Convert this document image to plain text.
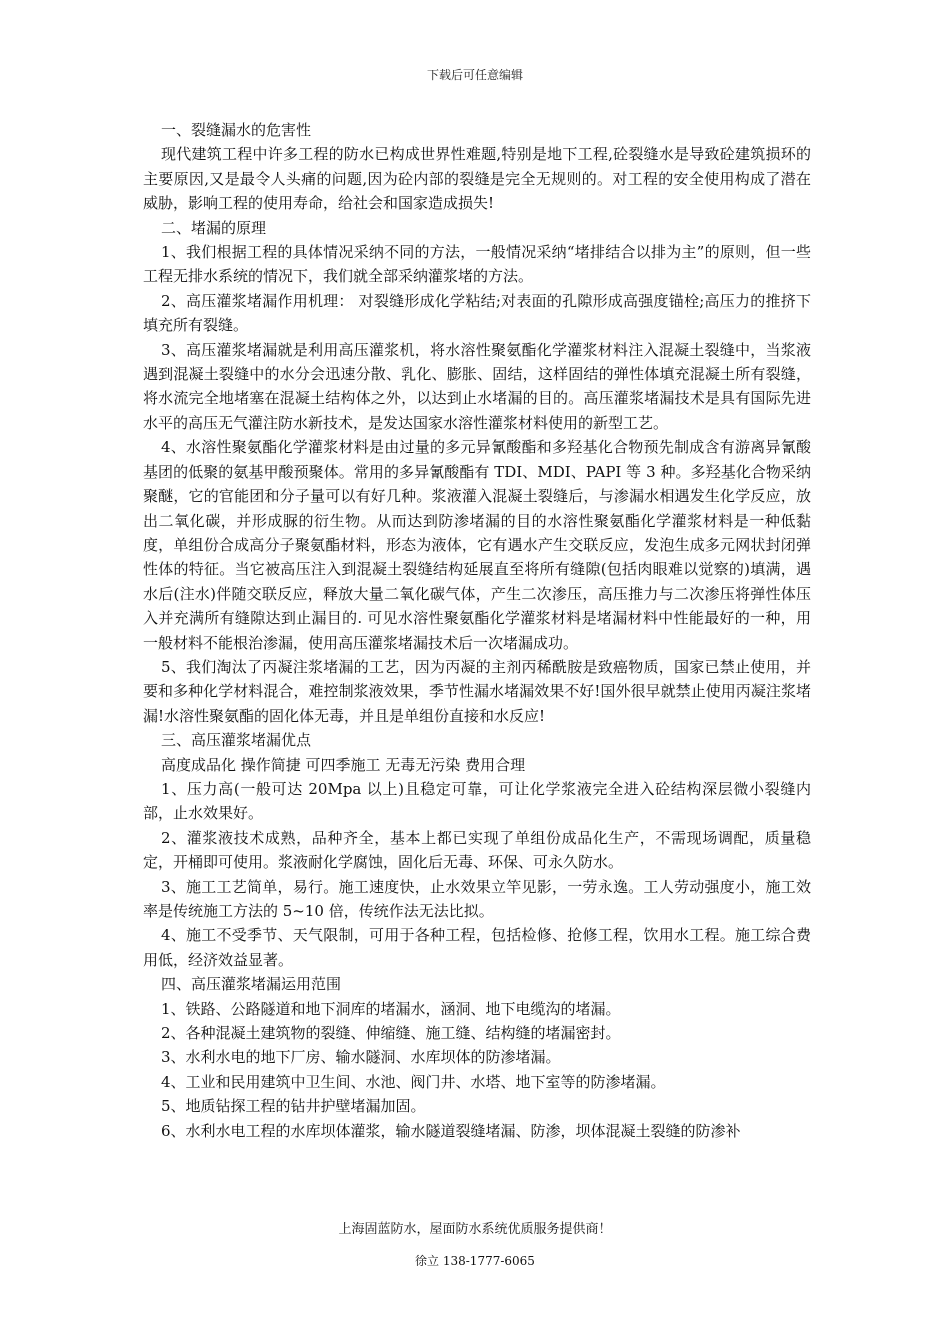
下载后可任意编辑

一、裂缝漏水的危害性

现代建筑工程中许多工程的防水已构成世界性难题,特别是地下工程,砼裂缝水是导致砼建筑损环的主要原因,又是最令人头痛的问题,因为砼内部的裂缝是完全无规则的。对工程的安全使用构成了潜在威胁，影响工程的使用寿命，给社会和国家造成损失!

二、堵漏的原理

1、我们根据工程的具体情况采纳不同的方法，一般情况采纳“堵排结合以排为主”的原则，但一些工程无排水系统的情况下，我们就全部采纳灌浆堵的方法。

2、高压灌浆堵漏作用机理： 对裂缝形成化学粘结;对表面的孔隙形成高强度锚栓;高压力的推挤下填充所有裂缝。

3、高压灌浆堵漏就是利用高压灌浆机，将水溶性聚氨酯化学灌浆材料注入混凝土裂缝中，当浆液遇到混凝土裂缝中的水分会迅速分散、乳化、膨胀、固结，这样固结的弹性体填充混凝土所有裂缝，将水流完全地堵塞在混凝土结构体之外，以达到止水堵漏的目的。高压灌浆堵漏技术是具有国际先进水平的高压无气灌注防水新技术，是发达国家水溶性灌浆材料使用的新型工艺。

4、水溶性聚氨酯化学灌浆材料是由过量的多元异氰酸酯和多羟基化合物预先制成含有游离异氰酸基团的低聚的氨基甲酸预聚体。常用的多异氰酸酯有 TDI、MDI、PAPI 等 3 种。多羟基化合物采纳聚醚，它的官能团和分子量可以有好几种。浆液灌入混凝土裂缝后，与渗漏水相遇发生化学反应，放出二氧化碳，并形成脲的衍生物。从而达到防渗堵漏的目的水溶性聚氨酯化学灌浆材料是一种低黏度，单组份合成高分子聚氨酯材料，形态为液体，它有遇水产生交联反应，发泡生成多元网状封闭弹性体的特征。当它被高压注入到混凝土裂缝结构延展直至将所有缝隙(包括肉眼难以觉察的)填满，遇水后(注水)伴随交联反应，释放大量二氧化碳气体，产生二次渗压，高压推力与二次渗压将弹性体压入并充满所有缝隙达到止漏目的. 可见水溶性聚氨酯化学灌浆材料是堵漏材料中性能最好的一种，用一般材料不能根治渗漏，使用高压灌浆堵漏技术后一次堵漏成功。

5、我们淘汰了丙凝注浆堵漏的工艺，因为丙凝的主剂丙稀酰胺是致癌物质，国家已禁止使用，并要和多种化学材料混合，难控制浆液效果，季节性漏水堵漏效果不好!国外很早就禁止使用丙凝注浆堵漏!水溶性聚氨酯的固化体无毒，并且是单组份直接和水反应!

三、高压灌浆堵漏优点

高度成品化 操作简捷 可四季施工 无毒无污染 费用合理

1、压力高(一般可达 20Mpa 以上)且稳定可靠，可让化学浆液完全进入砼结构深层微小裂缝内部，止水效果好。

2、灌浆液技术成熟，品种齐全，基本上都已实现了单组份成品化生产，不需现场调配，质量稳定，开桶即可使用。浆液耐化学腐蚀，固化后无毒、环保、可永久防水。

3、施工工艺简单，易行。施工速度快，止水效果立竿见影，一劳永逸。工人劳动强度小，施工效率是传统施工方法的 5~10 倍，传统作法无法比拟。

4、施工不受季节、天气限制，可用于各种工程，包括检修、抢修工程，饮用水工程。施工综合费用低，经济效益显著。

四、高压灌浆堵漏运用范围

1、铁路、公路隧道和地下洞库的堵漏水，涵洞、地下电缆沟的堵漏。

2、各种混凝土建筑物的裂缝、伸缩缝、施工缝、结构缝的堵漏密封。

3、水利水电的地下厂房、输水隧洞、水库坝体的防渗堵漏。

4、工业和民用建筑中卫生间、水池、阀门井、水塔、地下室等的防渗堵漏。

5、地质钻探工程的钻井护壁堵漏加固。

6、水利水电工程的水库坝体灌浆，输水隧道裂缝堵漏、防渗，坝体混凝土裂缝的防渗补

上海固蓝防水，屋面防水系统优质服务提供商！
徐立 138-1777-6065
